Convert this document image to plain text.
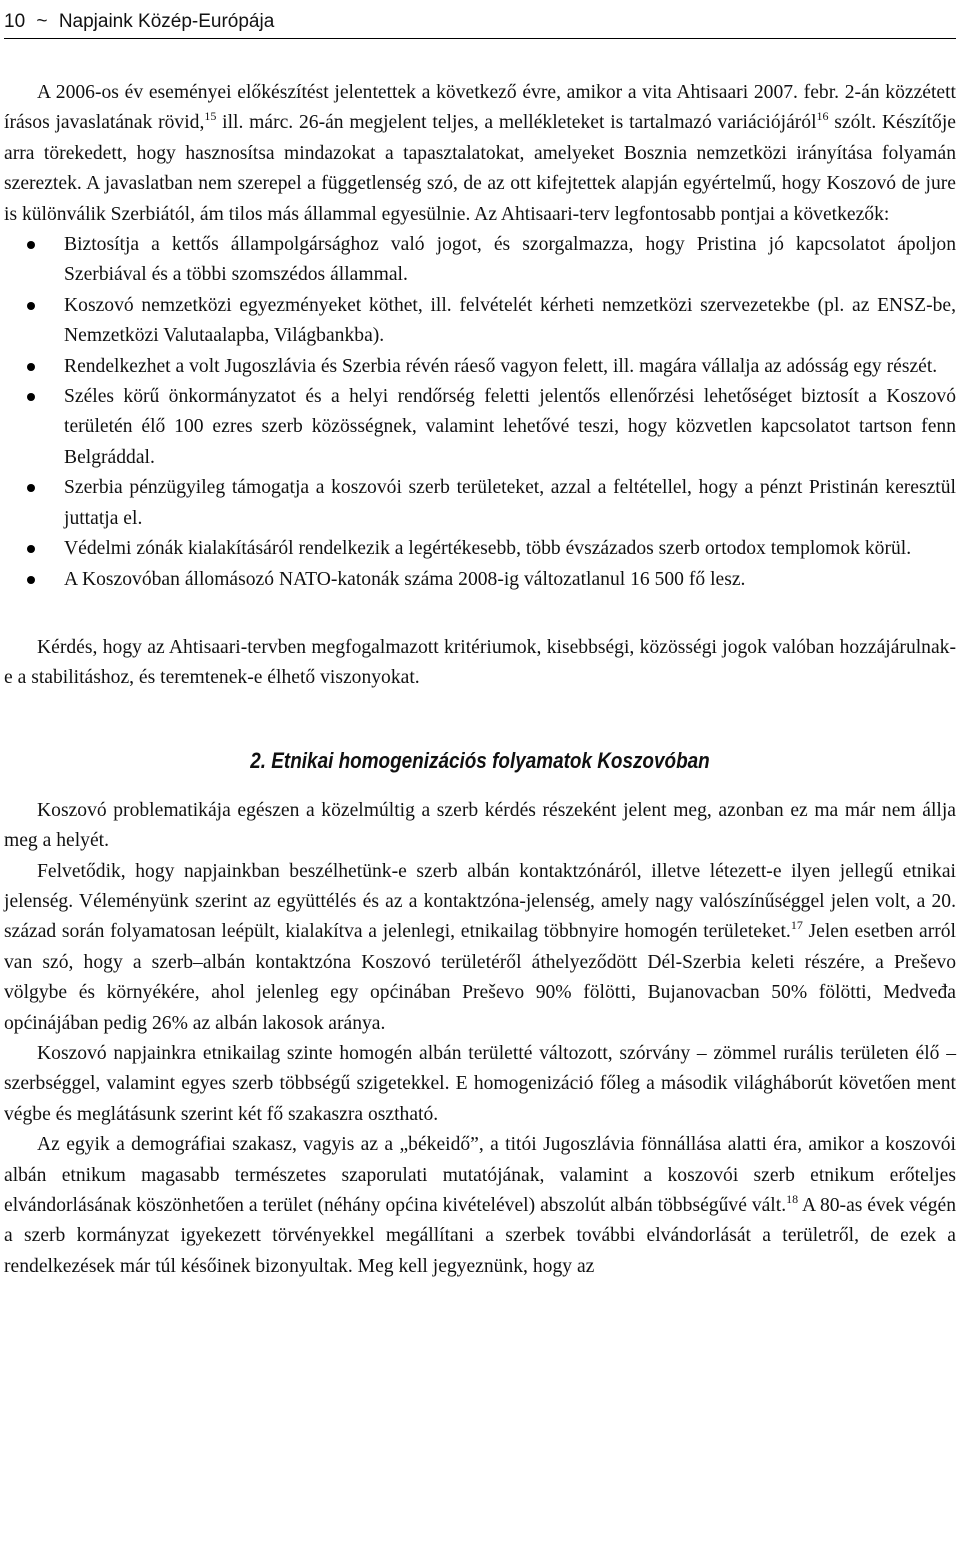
10 ~ Napjaink Közép-Európája

A 2006-os év eseményei előkészítést jelentettek a következő évre, amikor a vita Ahtisaari 2007. febr. 2-án közzétett írásos javaslatának rövid,$^{15}$ ill. márc. 26-án megjelent teljes, a mellékleteket is tartalmazó variációjáról$^{16}$ szólt. Készítője arra törekedett, hogy hasznosítsa mindazokat a tapasztalatokat, amelyeket Bosznia nemzetközi irányítása folyamán szereztek. A javaslatban nem szerepel a függetlenség szó, de az ott kifejtettek alapján egyértelmű, hogy Koszovó de jure is különválik Szerbiától, ám tilos más állammal egyesülnie. Az Ahtisaari-terv legfontosabb pontjai a következők:

Biztosítja a kettős állampolgársághoz való jogot, és szorgalmazza, hogy Pristina jó kapcsolatot ápoljon Szerbiával és a többi szomszédos állammal.
Koszovó nemzetközi egyezményeket köthet, ill. felvételét kérheti nemzetközi szervezetekbe (pl. az ENSZ-be, Nemzetközi Valutaalapba, Világbankba).
Rendelkezhet a volt Jugoszlávia és Szerbia révén ráeső vagyon felett, ill. magára vállalja az adósság egy részét.
Széles körű önkormányzatot és a helyi rendőrség feletti jelentős ellenőrzési lehetőséget biztosít a Koszovó területén élő 100 ezres szerb közösségnek, valamint lehetővé teszi, hogy közvetlen kapcsolatot tartson fenn Belgráddal.
Szerbia pénzügyileg támogatja a koszovói szerb területeket, azzal a feltétellel, hogy a pénzt Pristinán keresztül juttatja el.
Védelmi zónák kialakításáról rendelkezik a legértékesebb, több évszázados szerb ortodox templomok körül.
A Koszovóban állomásozó NATO-katonák száma 2008-ig változatlanul 16 500 fő lesz.

Kérdés, hogy az Ahtisaari-tervben megfogalmazott kritériumok, kisebbségi, közösségi jogok valóban hozzájárulnak-e a stabilitáshoz, és teremtenek-e élhető viszonyokat.

2. Etnikai homogenizációs folyamatok Koszovóban

Koszovó problematikája egészen a közelmúltig a szerb kérdés részeként jelent meg, azonban ez ma már nem állja meg a helyét.

Felvetődik, hogy napjainkban beszélhetünk-e szerb albán kontaktzónáról, illetve létezett-e ilyen jellegű etnikai jelenség. Véleményünk szerint az együttélés és az a kontaktzóna-jelenség, amely nagy valószínűséggel jelen volt, a 20. század során folyamatosan leépült, kialakítva a jelenlegi, etnikailag többnyire homogén területeket.$^{17}$ Jelen esetben arról van szó, hogy a szerb–albán kontaktzóna Koszovó területéről áthelyeződött Dél-Szerbia keleti részére, a Preševo völgybe és környékére, ahol jelenleg egy općinában Preševo 90% fölötti, Bujanovacban 50% fölötti, Medveđa općinájában pedig 26% az albán lakosok aránya.

Koszovó napjainkra etnikailag szinte homogén albán területté változott, szórvány – zömmel rurális területen élő – szerbséggel, valamint egyes szerb többségű szigetekkel. E homogenizáció főleg a második világháborút követően ment végbe és meglátásunk szerint két fő szakaszra osztható.

Az egyik a demográfiai szakasz, vagyis az a „békeidő”, a titói Jugoszlávia fönnállása alatti éra, amikor a koszovói albán etnikum magasabb természetes szaporulati mutatójának, valamint a koszovói szerb etnikum erőteljes elvándorlásának köszönhetően a terület (néhány općina kivételével) abszolút albán többségűvé vált.$^{18}$ A 80-as évek végén a szerb kormányzat igyekezett törvényekkel megállítani a szerbek további elvándorlását a területről, de ezek a rendelkezések már túl későinek bizonyultak. Meg kell jegyeznünk, hogy az
